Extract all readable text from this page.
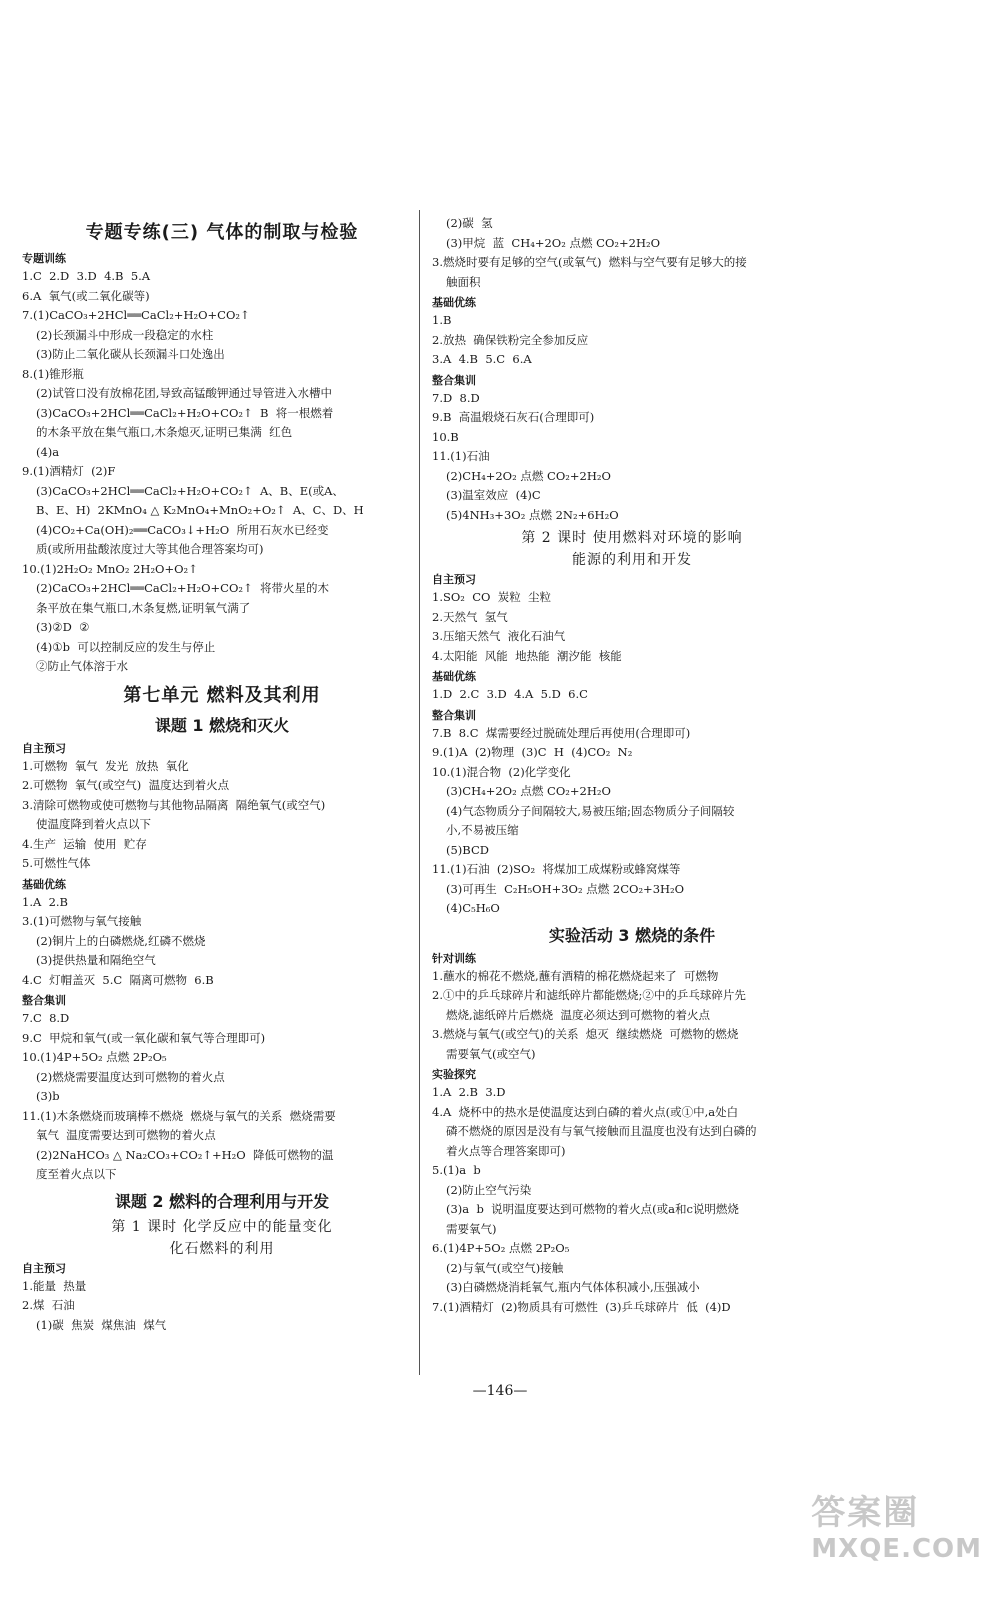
专题专练(三) 气体的制取与检验
专题训练
1.C  2.D  3.D  4.B  5.A
6.A  氧气(或二氧化碳等)
7.(1)CaCO₃+2HCl══CaCl₂+H₂O+CO₂↑
(2)长颈漏斗中形成一段稳定的水柱
(3)防止二氧化碳从长颈漏斗口处逸出
8.(1)锥形瓶
(2)试管口没有放棉花团,导致高锰酸钾通过导管进入水槽中
(3)CaCO₃+2HCl══CaCl₂+H₂O+CO₂↑  B  将一根燃着
的木条平放在集气瓶口,木条熄灭,证明已集满  红色
(4)a
9.(1)酒精灯  (2)F
(3)CaCO₃+2HCl══CaCl₂+H₂O+CO₂↑  A、B、E(或A、
B、E、H)  2KMnO₄ △ K₂MnO₄+MnO₂+O₂↑  A、C、D、H
(4)CO₂+Ca(OH)₂══CaCO₃↓+H₂O  所用石灰水已经变
质(或所用盐酸浓度过大等其他合理答案均可)
10.(1)2H₂O₂ MnO₂ 2H₂O+O₂↑
(2)CaCO₃+2HCl══CaCl₂+H₂O+CO₂↑  将带火星的木
条平放在集气瓶口,木条复燃,证明氧气满了
(3)②D  ②
(4)①b  可以控制反应的发生与停止
②防止气体溶于水
第七单元 燃料及其利用
课题 1 燃烧和灭火
自主预习
1.可燃物  氧气  发光  放热  氧化
2.可燃物  氧气(或空气)  温度达到着火点
3.清除可燃物或使可燃物与其他物品隔离  隔绝氧气(或空气)
使温度降到着火点以下
4.生产  运输  使用  贮存
5.可燃性气体
基础优练
1.A  2.B
3.(1)可燃物与氧气接触
(2)铜片上的白磷燃烧,红磷不燃烧
(3)提供热量和隔绝空气
4.C  灯帽盖灭  5.C  隔离可燃物  6.B
整合集训
7.C  8.D
9.C  甲烷和氧气(或一氧化碳和氧气等合理即可)
10.(1)4P+5O₂ 点燃 2P₂O₅
(2)燃烧需要温度达到可燃物的着火点
(3)b
11.(1)木条燃烧而玻璃棒不燃烧  燃烧与氧气的关系  燃烧需要
氧气  温度需要达到可燃物的着火点
(2)2NaHCO₃ △ Na₂CO₃+CO₂↑+H₂O  降低可燃物的温
度至着火点以下
课题 2 燃料的合理利用与开发
第 1 课时 化学反应中的能量变化
化石燃料的利用
自主预习
1.能量  热量
2.煤  石油
(1)碳  焦炭  煤焦油  煤气
(2)碳  氢
(3)甲烷  蓝  CH₄+2O₂ 点燃 CO₂+2H₂O
3.燃烧时要有足够的空气(或氧气)  燃料与空气要有足够大的接
触面积
基础优练
1.B
2.放热  确保铁粉完全参加反应
3.A  4.B  5.C  6.A
整合集训
7.D  8.D
9.B  高温煅烧石灰石(合理即可)
10.B
11.(1)石油
(2)CH₄+2O₂ 点燃 CO₂+2H₂O
(3)温室效应  (4)C
(5)4NH₃+3O₂ 点燃 2N₂+6H₂O
第 2 课时 使用燃料对环境的影响
能源的利用和开发
自主预习
1.SO₂  CO  炭粒  尘粒
2.天然气  氢气
3.压缩天然气  液化石油气
4.太阳能  风能  地热能  潮汐能  核能
基础优练
1.D  2.C  3.D  4.A  5.D  6.C
整合集训
7.B  8.C  煤需要经过脱硫处理后再使用(合理即可)
9.(1)A  (2)物理  (3)C  H  (4)CO₂  N₂
10.(1)混合物  (2)化学变化
(3)CH₄+2O₂ 点燃 CO₂+2H₂O
(4)气态物质分子间隔较大,易被压缩;固态物质分子间隔较
小,不易被压缩
(5)BCD
11.(1)石油  (2)SO₂  将煤加工成煤粉或蜂窝煤等
(3)可再生  C₂H₅OH+3O₂ 点燃 2CO₂+3H₂O
(4)C₅H₆O
实验活动 3 燃烧的条件
针对训练
1.蘸水的棉花不燃烧,蘸有酒精的棉花燃烧起来了  可燃物
2.①中的乒乓球碎片和滤纸碎片都能燃烧;②中的乒乓球碎片先
燃烧,滤纸碎片后燃烧  温度必须达到可燃物的着火点
3.燃烧与氧气(或空气)的关系  熄灭  继续燃烧  可燃物的燃烧
需要氧气(或空气)
实验探究
1.A  2.B  3.D
4.A  烧杯中的热水是使温度达到白磷的着火点(或①中,a处白
磷不燃烧的原因是没有与氧气接触而且温度也没有达到白磷的
着火点等合理答案即可)
5.(1)a  b
(2)防止空气污染
(3)a  b  说明温度要达到可燃物的着火点(或a和c说明燃烧
需要氧气)
6.(1)4P+5O₂ 点燃 2P₂O₅
(2)与氧气(或空气)接触
(3)白磷燃烧消耗氧气,瓶内气体体积减小,压强减小
7.(1)酒精灯  (2)物质具有可燃性  (3)乒乓球碎片  低  (4)D
—146—
答案圈
MXQE.COM
